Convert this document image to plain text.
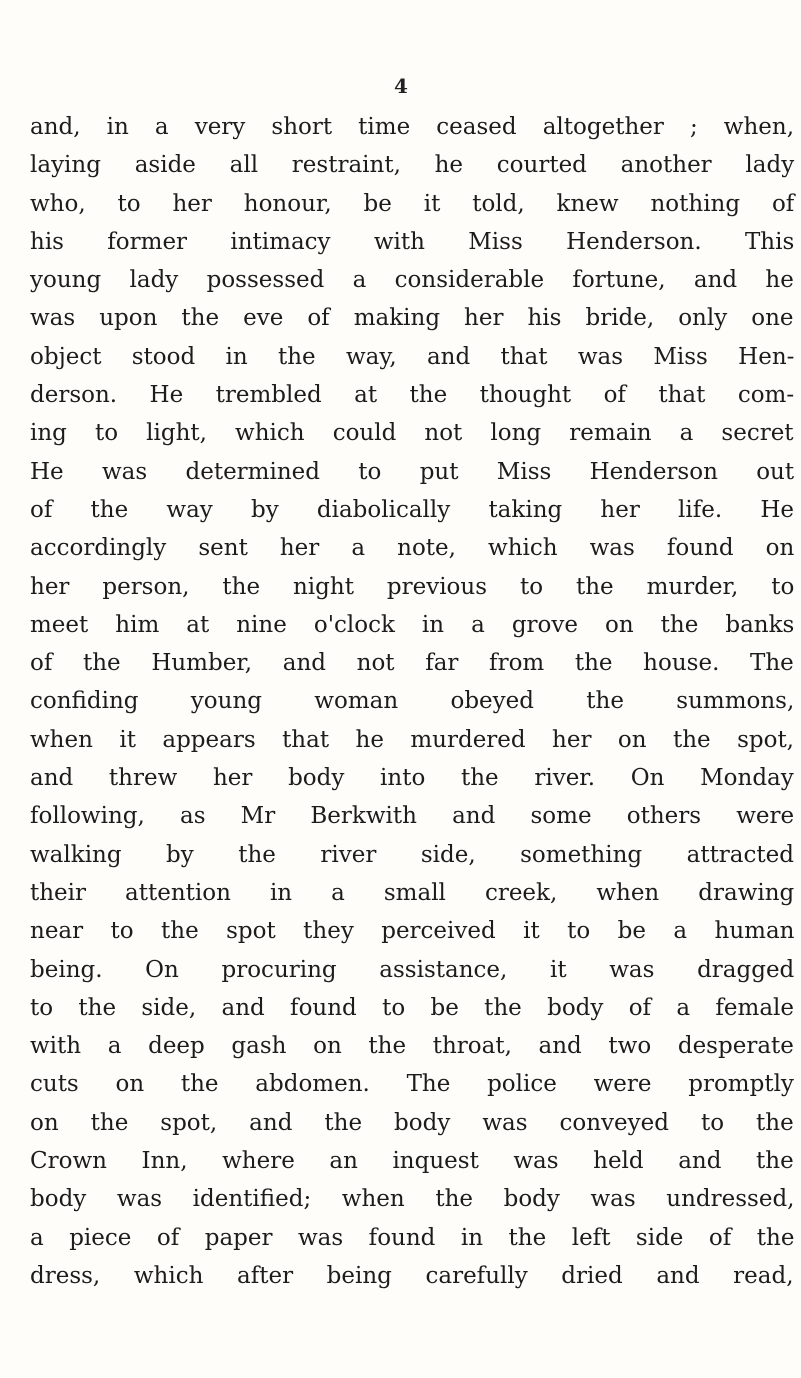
4
and, in a very short time ceased altogether ; when,
laying aside all restraint, he courted another lady
who, to her honour, be it told, knew nothing of
his former intimacy with Miss Henderson. This
young lady possessed a considerable fortune, and he
was upon the eve of making her his bride, only one
object stood in the way, and that was Miss Hen-
derson. He trembled at the thought of that com-
ing to light, which could not long remain a secret
He was determined to put Miss Henderson out
of the way by diabolically taking her life. He
accordingly sent her a note, which was found on
her person, the night previous to the murder, to
meet him at nine o'clock in a grove on the banks
of the Humber, and not far from the house. The
confiding young woman obeyed the summons,
when it appears that he murdered her on the spot,
and threw her body into the river. On Monday
following, as Mr Berkwith and some others were
walking by the river side, something attracted
their attention in a small creek, when drawing
near to the spot they perceived it to be a human
being. On procuring assistance, it was dragged
to the side, and found to be the body of a female
with a deep gash on the throat, and two desperate
cuts on the abdomen. The police were promptly
on the spot, and the body was conveyed to the
Crown Inn, where an inquest was held and the
body was identified; when the body was undressed,
a piece of paper was found in the left side of the
dress, which after being carefully dried and read,
